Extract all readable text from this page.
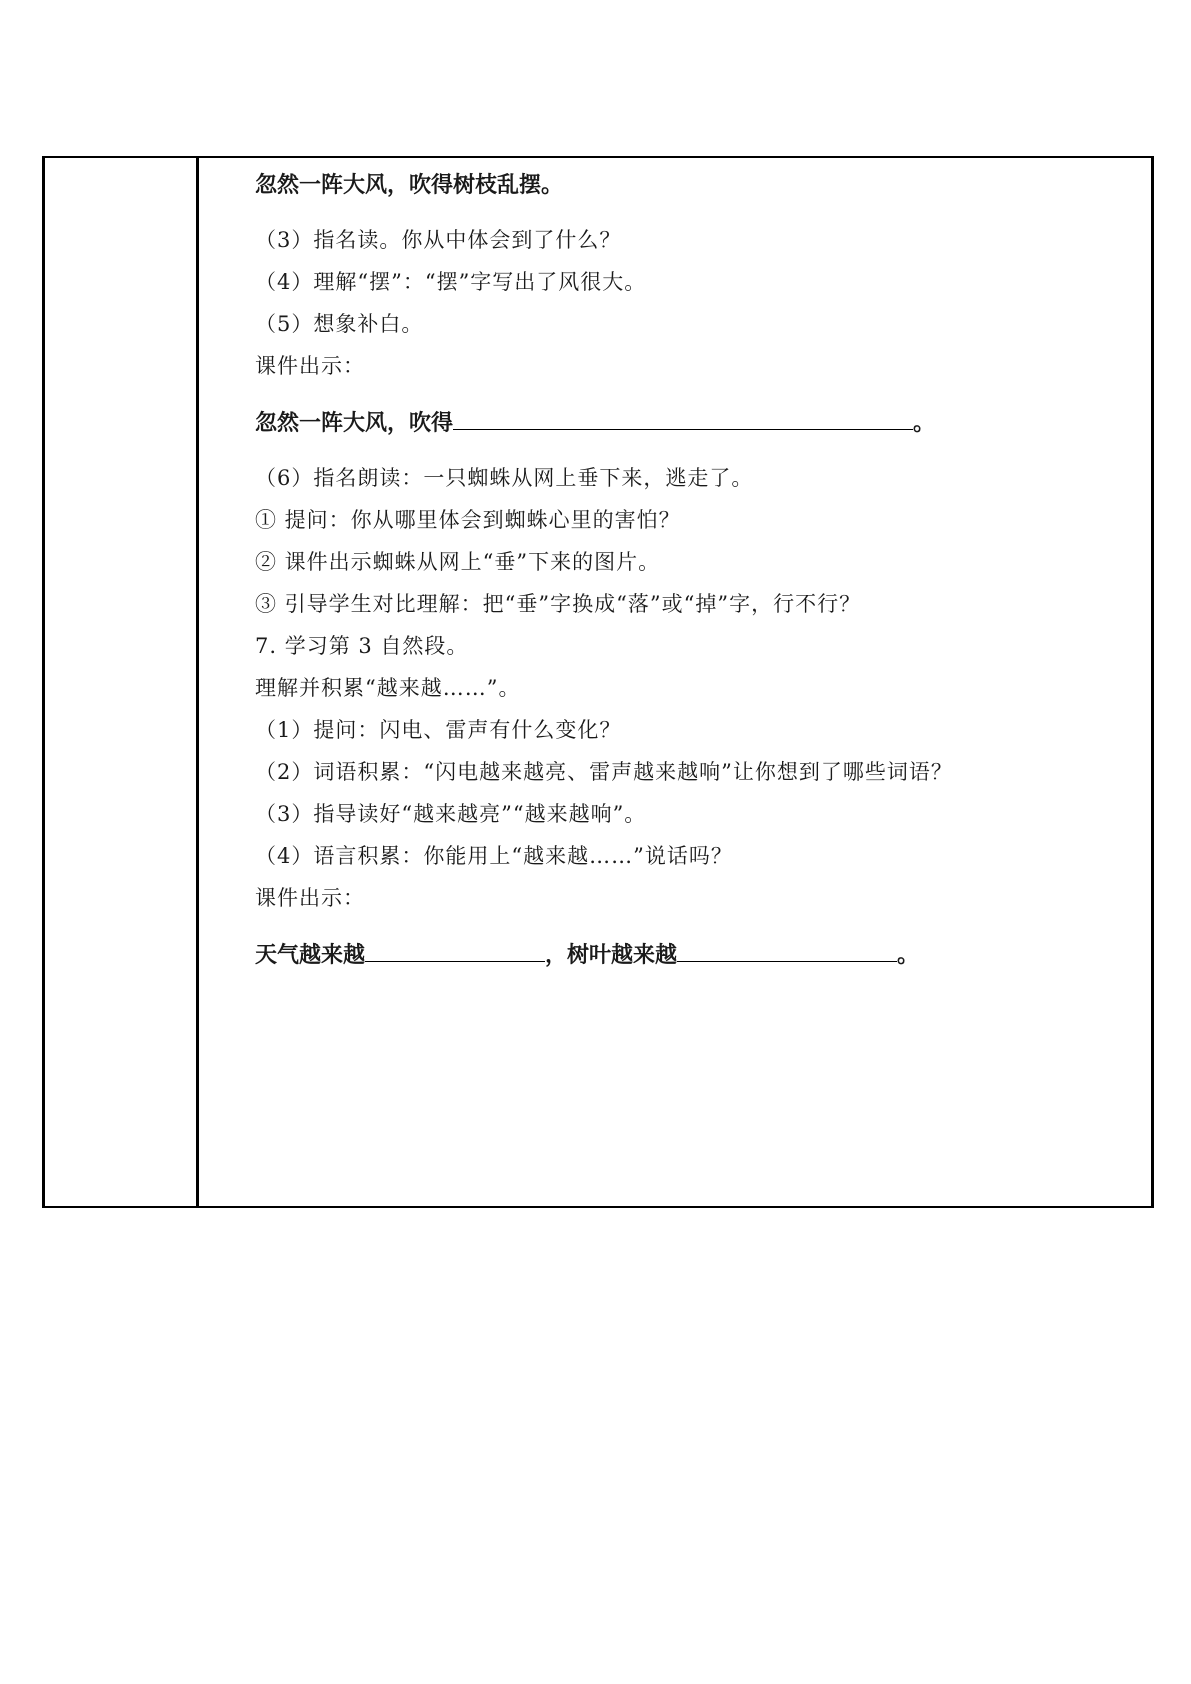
忽然一阵大风，吹得树枝乱摆。
（3）指名读。你从中体会到了什么？
（4）理解“摆”：“摆”字写出了风很大。
（5）想象补白。
课件出示：
忽然一阵大风，吹得	。
（6）指名朗读：一只蜘蛛从网上垂下来，逃走了。
① 提问：你从哪里体会到蜘蛛心里的害怕？
② 课件出示蜘蛛从网上“垂”下来的图片。
③ 引导学生对比理解：把“垂”字换成“落”或“掉”字，行不行？
7. 学习第 3 自然段。
理解并积累“越来越……”。
（1）提问：闪电、雷声有什么变化？
（2）词语积累：“闪电越来越亮、雷声越来越响”让你想到了哪些词语？
（3）指导读好“越来越亮”“越来越响”。
（4）语言积累：你能用上“越来越……”说话吗？
课件出示：
天气越来越	，树叶越来越	。
